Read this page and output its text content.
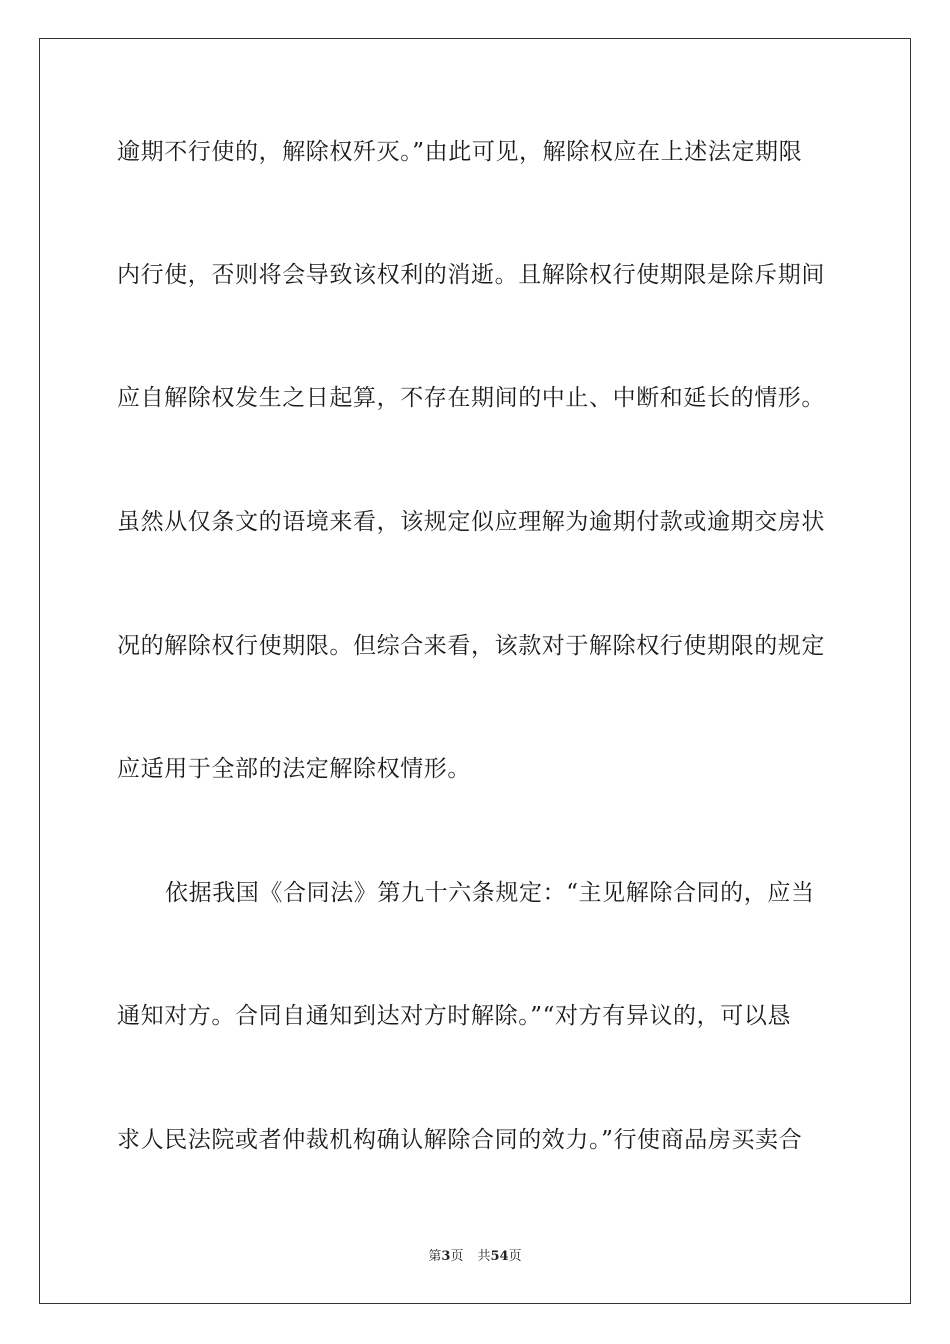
逾期不行使的，解除权歼灭。”由此可见，解除权应在上述法定期限
内行使，否则将会导致该权利的消逝。且解除权行使期限是除斥期间
应自解除权发生之日起算，不存在期间的中止、中断和延长的情形。
虽然从仅条文的语境来看，该规定似应理解为逾期付款或逾期交房状
况的解除权行使期限。但综合来看，该款对于解除权行使期限的规定
应适用于全部的法定解除权情形。
依据我国《合同法》第九十六条规定：“主见解除合同的，应当
通知对方。合同自通知到达对方时解除。”“对方有异议的，可以恳
求人民法院或者仲裁机构确认解除合同的效力。”行使商品房买卖合
第3页 共54页
